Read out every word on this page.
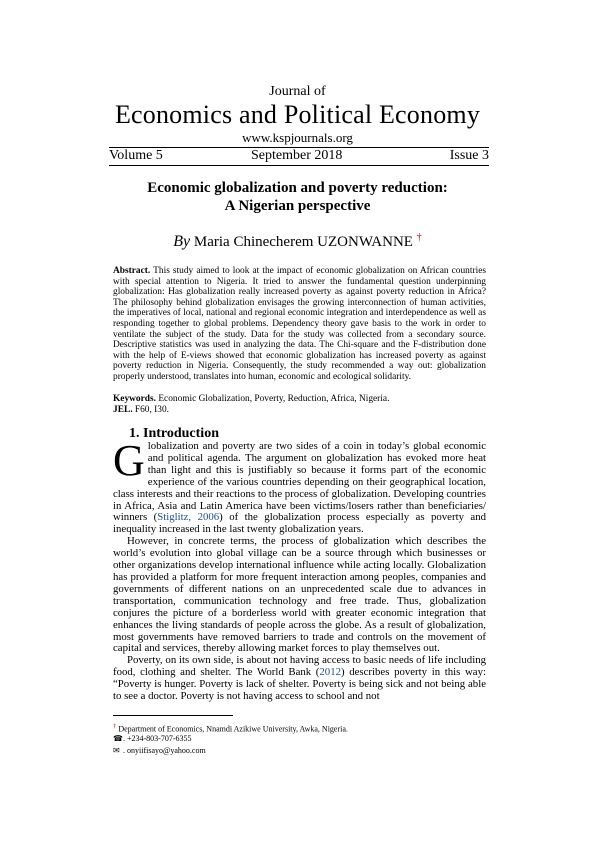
Journal of
Economics and Political Economy
www.kspjournals.org
Volume 5	September 2018	Issue 3
Economic globalization and poverty reduction:
A Nigerian perspective
By Maria Chinecherem UZONWANNE †
Abstract. This study aimed to look at the impact of economic globalization on African countries with special attention to Nigeria. It tried to answer the fundamental question underpinning globalization: Has globalization really increased poverty as against poverty reduction in Africa? The philosophy behind globalization envisages the growing interconnection of human activities, the imperatives of local, national and regional economic integration and interdependence as well as responding together to global problems. Dependency theory gave basis to the work in order to ventilate the subject of the study. Data for the study was collected from a secondary source. Descriptive statistics was used in analyzing the data. The Chi-square and the F-distribution done with the help of E-views showed that economic globalization has increased poverty as against poverty reduction in Nigeria. Consequently, the study recommended a way out: globalization properly understood, translates into human, economic and ecological solidarity.
Keywords. Economic Globalization, Poverty, Reduction, Africa, Nigeria.
JEL. F60, I30.
1. Introduction

Globalization and poverty are two sides of a coin in today’s global economic and political agenda. The argument on globalization has evoked more heat than light and this is justifiably so because it forms part of the economic experience of the various countries depending on their geographical location, class interests and their reactions to the process of globalization. Developing countries in Africa, Asia and Latin America have been victims/losers rather than beneficiaries/ winners (Stiglitz, 2006) of the globalization process especially as poverty and inequality increased in the last twenty globalization years.

However, in concrete terms, the process of globalization which describes the world’s evolution into global village can be a source through which businesses or other organizations develop international influence while acting locally. Globalization has provided a platform for more frequent interaction among peoples, companies and governments of different nations on an unprecedented scale due to advances in transportation, communication technology and free trade. Thus, globalization conjures the picture of a borderless world with greater economic integration that enhances the living standards of people across the globe. As a result of globalization, most governments have removed barriers to trade and controls on the movement of capital and services, thereby allowing market forces to play themselves out.

Poverty, on its own side, is about not having access to basic needs of life including food, clothing and shelter. The World Bank (2012) describes poverty in this way: “Poverty is hunger. Poverty is lack of shelter. Poverty is being sick and not being able to see a doctor. Poverty is not having access to school and not

† Department of Economics, Nnamdi Azikiwe University, Awka, Nigeria.
☎. +234-803-707-6355
✉ . onyiifisayo@yahoo.com
